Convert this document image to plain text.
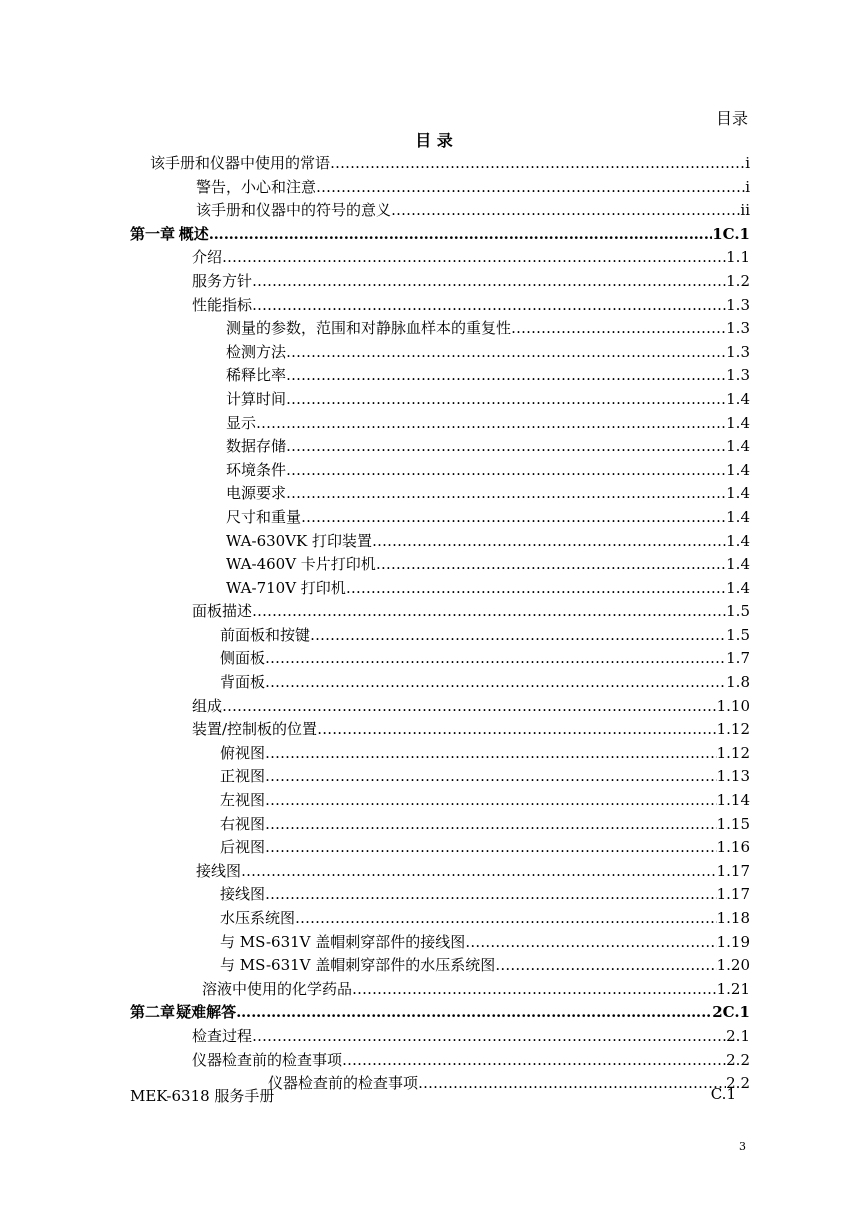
目录
目 录
该手册和仪器中使用的常语 …………………………………………………………………………………………………………………………………………………………………………………………………	i
警告，小心和注意 …………………………………………………………………………………………………………………………………………………………………………………………………	i
该手册和仪器中的符号的意义 …………………………………………………………………………………………………………………………………………………………………………………………………	ii
第一章 概述 …………………………………………………………………………………………………………………………………………………………………………………………………	1C.1
介绍 …………………………………………………………………………………………………………………………………………………………………………………………………	1.1
服务方针 …………………………………………………………………………………………………………………………………………………………………………………………………	1.2
性能指标 …………………………………………………………………………………………………………………………………………………………………………………………………	1.3
测量的参数，范围和对静脉血样本的重复性 …………………………………………………………………………………………………………………………………………………………………………………………………	1.3
检测方法 …………………………………………………………………………………………………………………………………………………………………………………………………	1.3
稀释比率 …………………………………………………………………………………………………………………………………………………………………………………………………	1.3
计算时间 …………………………………………………………………………………………………………………………………………………………………………………………………	1.4
显示 …………………………………………………………………………………………………………………………………………………………………………………………………	1.4
数据存储 …………………………………………………………………………………………………………………………………………………………………………………………………	1.4
环境条件 …………………………………………………………………………………………………………………………………………………………………………………………………	1.4
电源要求 …………………………………………………………………………………………………………………………………………………………………………………………………	1.4
尺寸和重量 …………………………………………………………………………………………………………………………………………………………………………………………………	1.4
WA-630VK 打印装置 …………………………………………………………………………………………………………………………………………………………………………………………………	1.4
WA-460V 卡片打印机 …………………………………………………………………………………………………………………………………………………………………………………………………	1.4
WA-710V 打印机 …………………………………………………………………………………………………………………………………………………………………………………………………	1.4
面板描述 …………………………………………………………………………………………………………………………………………………………………………………………………	1.5
前面板和按键 …………………………………………………………………………………………………………………………………………………………………………………………………	1.5
侧面板 …………………………………………………………………………………………………………………………………………………………………………………………………	1.7
背面板 …………………………………………………………………………………………………………………………………………………………………………………………………	1.8
组成 …………………………………………………………………………………………………………………………………………………………………………………………………	1.10
装置/控制板的位置 …………………………………………………………………………………………………………………………………………………………………………………………………	1.12
俯视图 …………………………………………………………………………………………………………………………………………………………………………………………………	1.12
正视图 …………………………………………………………………………………………………………………………………………………………………………………………………	1.13
左视图 …………………………………………………………………………………………………………………………………………………………………………………………………	1.14
右视图 …………………………………………………………………………………………………………………………………………………………………………………………………	1.15
后视图 …………………………………………………………………………………………………………………………………………………………………………………………………	1.16
接线图 …………………………………………………………………………………………………………………………………………………………………………………………………	1.17
接线图 …………………………………………………………………………………………………………………………………………………………………………………………………	1.17
水压系统图 …………………………………………………………………………………………………………………………………………………………………………………………………	1.18
与 MS-631V 盖帽刺穿部件的接线图 …………………………………………………………………………………………………………………………………………………………………………………………………	1.19
与 MS-631V 盖帽刺穿部件的水压系统图 …………………………………………………………………………………………………………………………………………………………………………………………………	1.20
溶液中使用的化学药品 …………………………………………………………………………………………………………………………………………………………………………………………………	1.21
第二章 疑难解答 …………………………………………………………………………………………………………………………………………………………………………………………………	2C.1
检查过程 …………………………………………………………………………………………………………………………………………………………………………………………………	2.1
仪器检查前的检查事项 …………………………………………………………………………………………………………………………………………………………………………………………………	2.2
仪器检查前的检查事项 …………………………………………………………………………………………………………………………………………………………………………………………………	2.2
MEK-6318 服务手册	C.1
3
